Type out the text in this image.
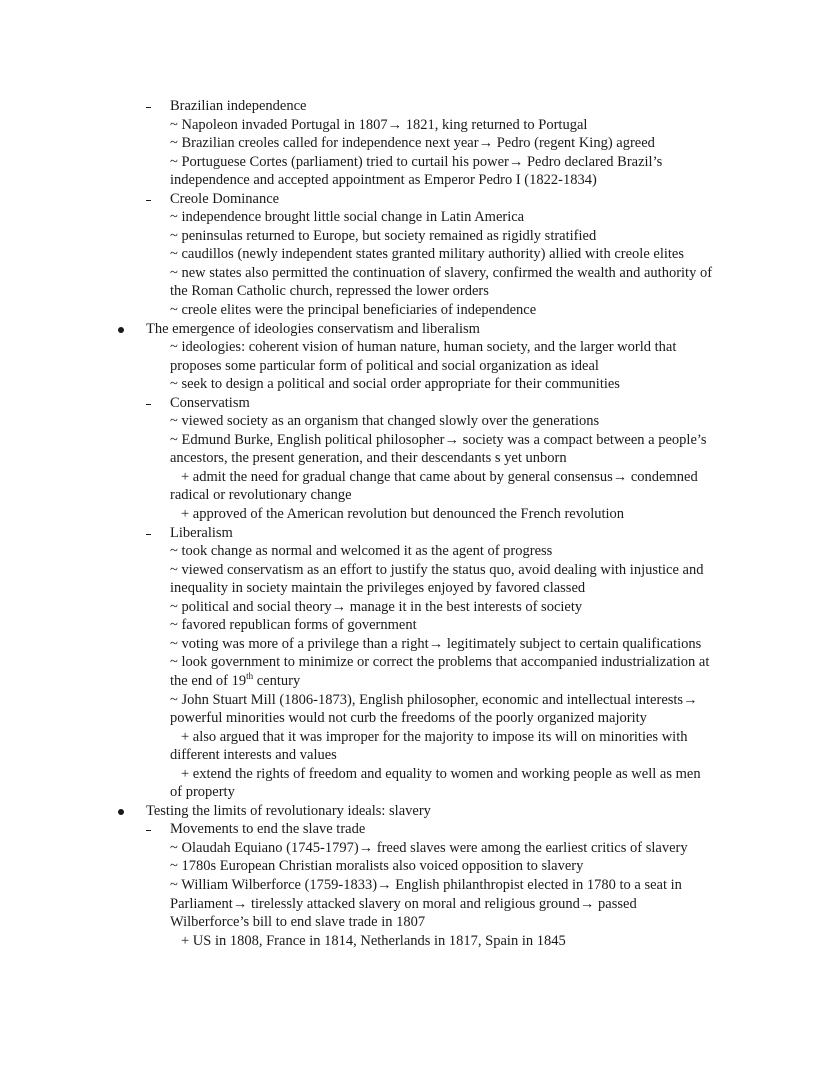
Brazilian independence
~ Napoleon invaded Portugal in 1807→ 1821, king returned to Portugal
~ Brazilian creoles called for independence next year→ Pedro (regent King) agreed
~ Portuguese Cortes (parliament) tried to curtail his power→ Pedro declared Brazil’s
independence and accepted appointment as Emperor Pedro I (1822-1834)
Creole Dominance
~ independence brought little social change in Latin America
~ peninsulas returned to Europe, but society remained as rigidly stratified
~ caudillos (newly independent states granted military authority) allied with creole elites
~ new states also permitted the continuation of slavery, confirmed the wealth and authority of
the Roman Catholic church, repressed the lower orders
~ creole elites were the principal beneficiaries of independence
The emergence of ideologies conservatism and liberalism
~ ideologies: coherent vision of human nature, human society, and the larger world that
proposes some particular form of political and social organization as ideal
~ seek to design a political and social order appropriate for their communities
Conservatism
~ viewed society as an organism that changed slowly over the generations
~ Edmund Burke, English political philosopher→ society was a compact between a people’s
ancestors, the present generation, and their descendants s yet unborn
+ admit the need for gradual change that came about by general consensus→ condemned
radical or revolutionary change
+ approved of the American revolution but denounced the French revolution
Liberalism
~ took change as normal and welcomed it as the agent of progress
~ viewed conservatism as an effort to justify the status quo, avoid dealing with injustice and
inequality in society maintain the privileges enjoyed by favored classed
~ political and social theory→ manage it in the best interests of society
~ favored republican forms of government
~ voting was more of a privilege than a right→ legitimately subject to certain qualifications
~ look government to minimize or correct the problems that accompanied industrialization at
the end of 19th century
~ John Stuart Mill (1806-1873), English philosopher, economic and intellectual interests→
powerful minorities would not curb the freedoms of the poorly organized majority
+ also argued that it was improper for the majority to impose its will on minorities with
different interests and values
+ extend the rights of freedom and equality to women and working people as well as men
of property
Testing the limits of revolutionary ideals: slavery
Movements to end the slave trade
~ Olaudah Equiano (1745-1797)→ freed slaves were among the earliest critics of slavery
~ 1780s European Christian moralists also voiced opposition to slavery
~ William Wilberforce (1759-1833)→ English philanthropist elected in 1780 to a seat in
Parliament→ tirelessly attacked slavery on moral and religious ground→ passed
Wilberforce’s bill to end slave trade in 1807
+ US in 1808, France in 1814, Netherlands in 1817, Spain in 1845
